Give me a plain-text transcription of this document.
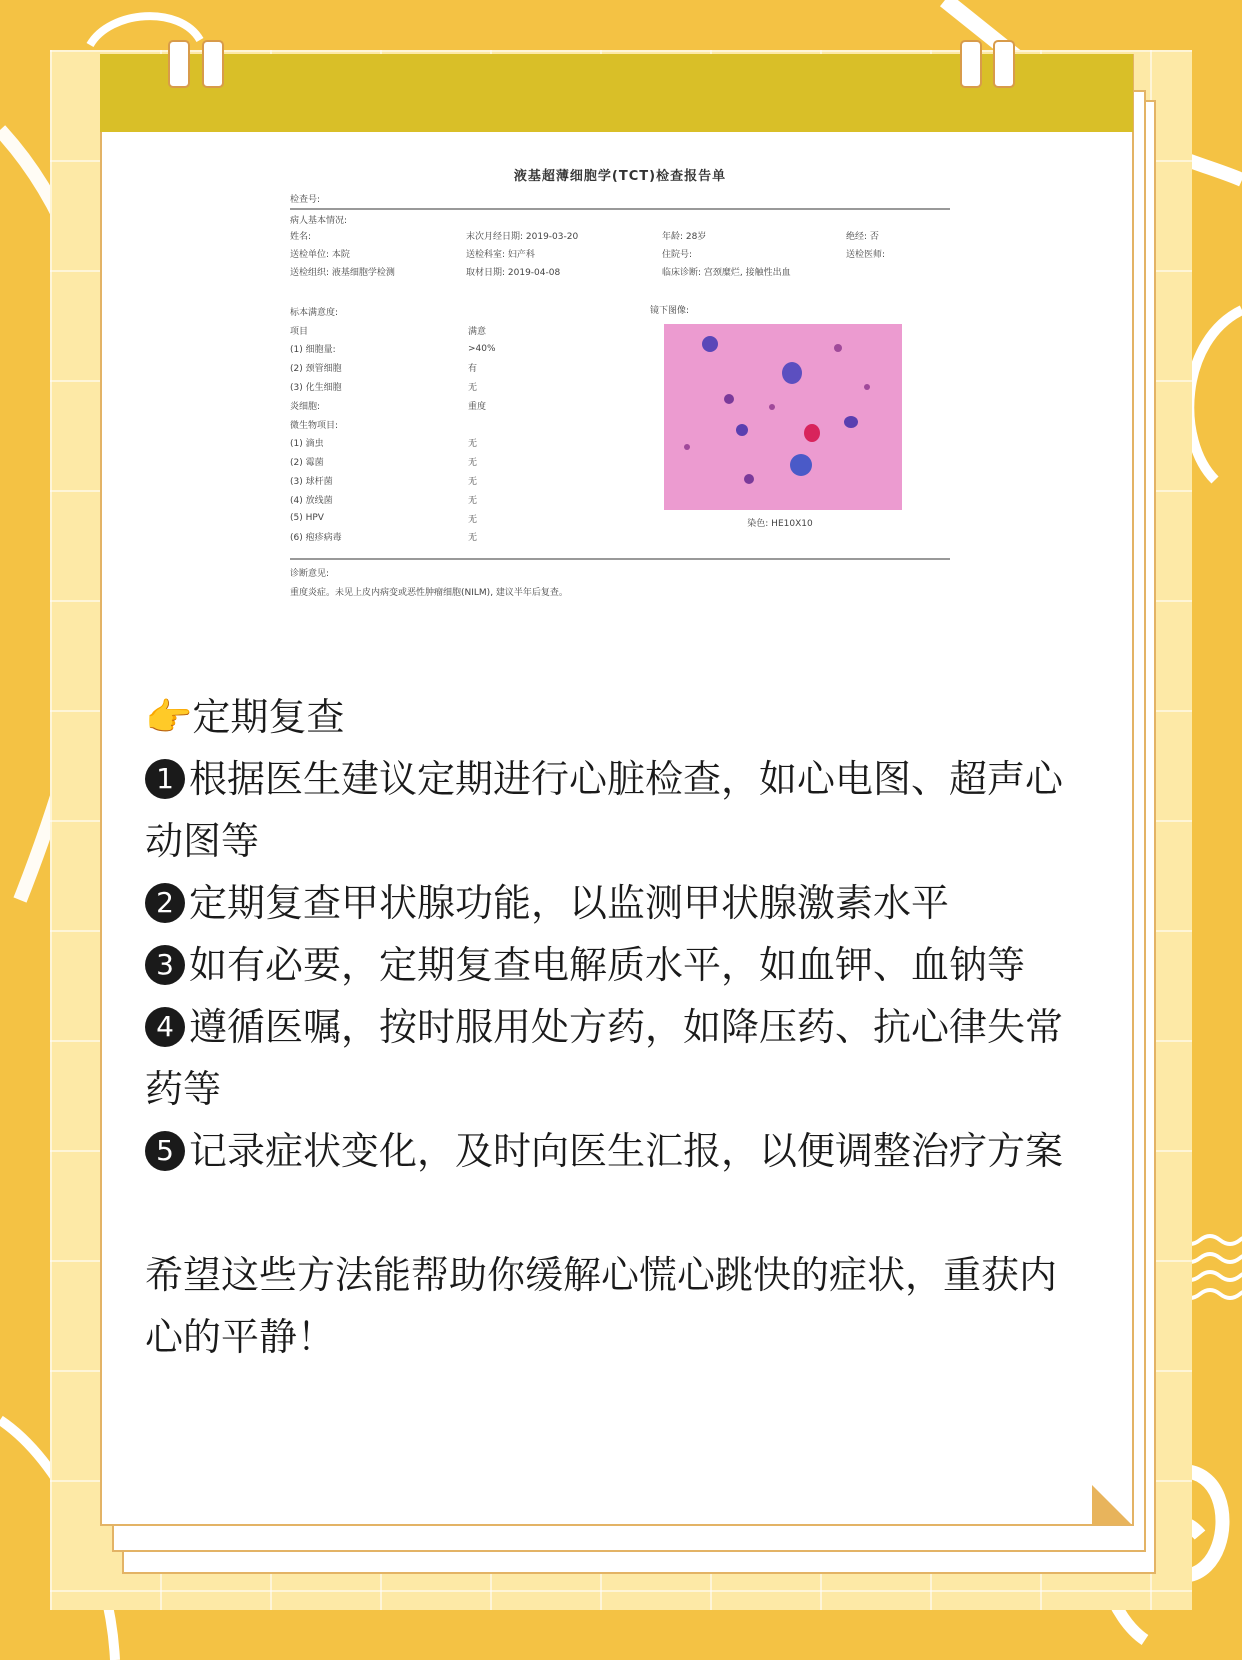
液基超薄细胞学(TCT)检查报告单
检查号:
病人基本情况:
姓名:	末次月经日期: 2019-03-20	年龄: 28岁	绝经: 否
送检单位: 本院	送检科室: 妇产科	住院号:	送检医师:
送检组织: 液基细胞学检测	取材日期: 2019-04-08	临床诊断: 宫颈糜烂, 接触性出血
标本满意度:
项目	满意
(1) 细胞量:	>40%
(2) 颈管细胞	有
(3) 化生细胞	无
炎细胞:	重度
微生物项目:
(1) 滴虫	无
(2) 霉菌	无
(3) 球杆菌	无
(4) 放线菌	无
(5) HPV	无
(6) 疱疹病毒	无
镜下图像:
染色: HE10X10
诊断意见:
重度炎症。未见上皮内病变或恶性肿瘤细胞(NILM), 建议半年后复查。

👉定期复查

1 根据医生建议定期进行心脏检查，如心电图、超声心动图等

2 定期复查甲状腺功能，以监测甲状腺激素水平

3 如有必要，定期复查电解质水平，如血钾、血钠等

4 遵循医嘱，按时服用处方药，如降压药、抗心律失常药等

5 记录症状变化，及时向医生汇报，以便调整治疗方案

希望这些方法能帮助你缓解心慌心跳快的症状，重获内心的平静！
